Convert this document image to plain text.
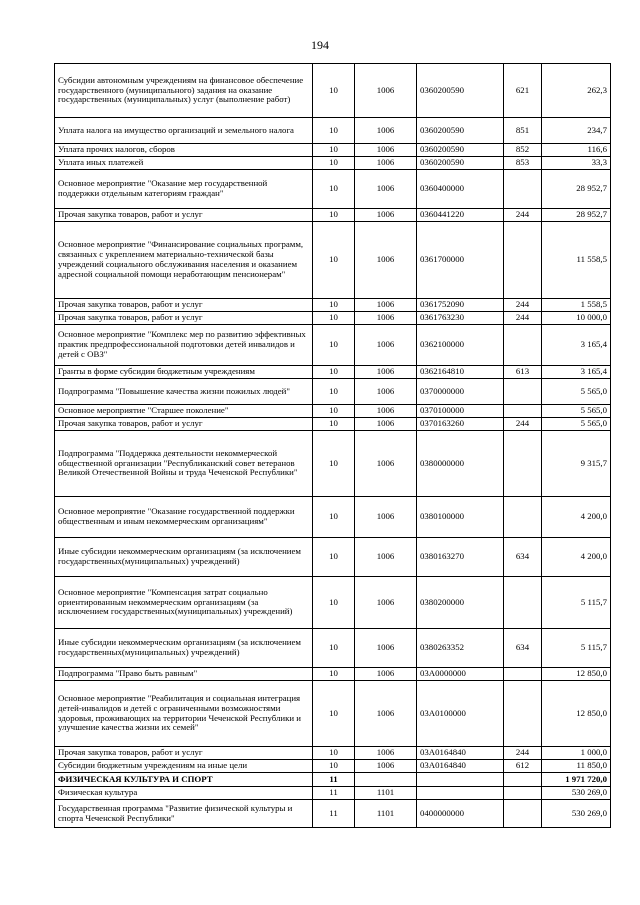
194
Субсидии автономным учреждениям на финансовое обеспечение государственного (муниципального) задания на оказание государственных (муниципальных) услуг (выполнение работ)	10	1006	0360200590	621	262,3
Уплата налога на имущество организаций и земельного налога	10	1006	0360200590	851	234,7
Уплата прочих налогов, сборов	10	1006	0360200590	852	116,6
Уплата иных платежей	10	1006	0360200590	853	33,3
Основное мероприятие "Оказание мер государственной поддержки отдельным категориям граждан"	10	1006	0360400000		28 952,7
Прочая закупка товаров, работ и услуг	10	1006	0360441220	244	28 952,7
Основное мероприятие "Финансирование социальных программ, связанных с укреплением материально-технической базы учреждений социального обслуживания населения и оказанием адресной социальной помощи неработающим пенсионерам"	10	1006	0361700000		11 558,5
Прочая закупка товаров, работ и услуг	10	1006	0361752090	244	1 558,5
Прочая закупка товаров, работ и услуг	10	1006	0361763230	244	10 000,0
Основное мероприятие "Комплекс мер по развитию эффективных практик предпрофессиональной подготовки детей инвалидов и детей с ОВЗ"	10	1006	0362100000		3 165,4
Гранты в форме субсидии бюджетным учреждениям	10	1006	0362164810	613	3 165,4
Подпрограмма "Повышение качества жизни пожилых людей"	10	1006	0370000000		5 565,0
Основное мероприятие "Старшее поколение"	10	1006	0370100000		5 565,0
Прочая закупка товаров, работ и услуг	10	1006	0370163260	244	5 565,0
Подпрограмма "Поддержка деятельности некоммерческой общественной организации "Республиканский совет ветеранов Великой Отечественной Войны и труда Чеченской Республики"	10	1006	0380000000		9 315,7
Основное мероприятие "Оказание государственной поддержки общественным и иным некоммерческим организациям"	10	1006	0380100000		4 200,0
Иные субсидии некоммерческим организациям (за исключением государственных(муниципальных) учреждений)	10	1006	0380163270	634	4 200,0
Основное мероприятие "Компенсация затрат социально ориентированным некоммерческим организациям (за исключением государственных(муниципальных) учреждений)	10	1006	0380200000		5 115,7
Иные субсидии некоммерческим организациям (за исключением государственных(муниципальных) учреждений)	10	1006	0380263352	634	5 115,7
Подпрограмма "Право быть равным"	10	1006	03А0000000		12 850,0
Основное мероприятие "Реабилитация и социальная интеграция детей-инвалидов и детей с ограниченными возможностями здоровья, проживающих на территории Чеченской Республики и улучшение качества жизни их семей"	10	1006	03А0100000		12 850,0
Прочая закупка товаров, работ и услуг	10	1006	03А0164840	244	1 000,0
Субсидии бюджетным учреждениям на иные цели	10	1006	03А0164840	612	11 850,0
ФИЗИЧЕСКАЯ КУЛЬТУРА И СПОРТ	11				1 971 720,0
Физическая культура	11	1101			530 269,0
Государственная программа "Развитие физической культуры и спорта Чеченской Республики"	11	1101	0400000000		530 269,0
